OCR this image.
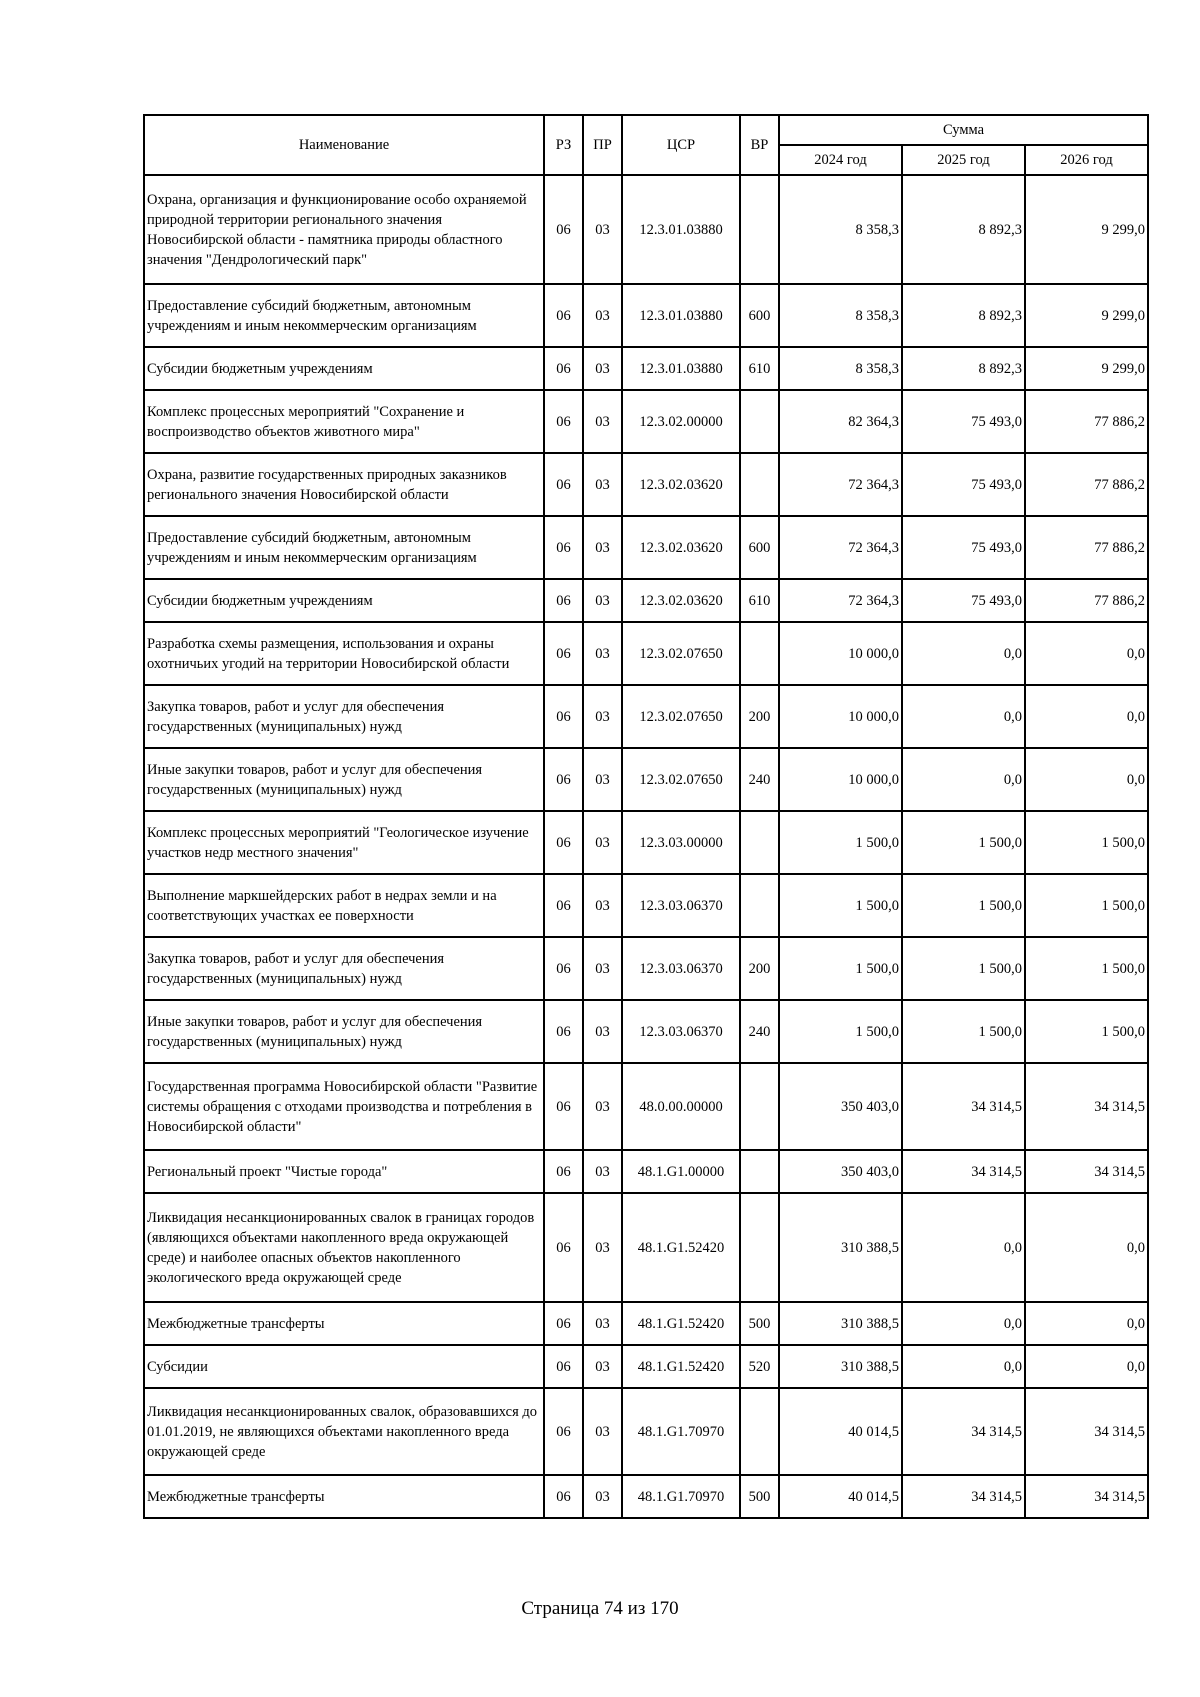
Наименование	РЗ	ПР	ЦСР	ВР	Сумма		
					2024 год	2025 год	2026 год
Охрана, организация и функционирование особо охраняемой природной территории регионального значения Новосибирской области - памятника природы областного значения "Дендрологический парк"	06	03	12.3.01.03880		8 358,3	8 892,3	9 299,0
Предоставление субсидий бюджетным, автономным учреждениям и иным некоммерческим организациям	06	03	12.3.01.03880	600	8 358,3	8 892,3	9 299,0
Субсидии бюджетным учреждениям	06	03	12.3.01.03880	610	8 358,3	8 892,3	9 299,0
Комплекс процессных мероприятий "Сохранение и воспроизводство объектов животного мира"	06	03	12.3.02.00000		82 364,3	75 493,0	77 886,2
Охрана, развитие государственных природных заказников регионального значения Новосибирской области	06	03	12.3.02.03620		72 364,3	75 493,0	77 886,2
Предоставление субсидий бюджетным, автономным учреждениям и иным некоммерческим организациям	06	03	12.3.02.03620	600	72 364,3	75 493,0	77 886,2
Субсидии бюджетным учреждениям	06	03	12.3.02.03620	610	72 364,3	75 493,0	77 886,2
Разработка схемы размещения, использования и охраны охотничьих угодий на территории Новосибирской области	06	03	12.3.02.07650		10 000,0	0,0	0,0
Закупка товаров, работ и услуг для обеспечения государственных (муниципальных) нужд	06	03	12.3.02.07650	200	10 000,0	0,0	0,0
Иные закупки товаров, работ и услуг для обеспечения государственных (муниципальных) нужд	06	03	12.3.02.07650	240	10 000,0	0,0	0,0
Комплекс процессных мероприятий "Геологическое изучение участков недр местного значения"	06	03	12.3.03.00000		1 500,0	1 500,0	1 500,0
Выполнение маркшейдерских работ в недрах земли и на соответствующих участках ее поверхности	06	03	12.3.03.06370		1 500,0	1 500,0	1 500,0
Закупка товаров, работ и услуг для обеспечения государственных (муниципальных) нужд	06	03	12.3.03.06370	200	1 500,0	1 500,0	1 500,0
Иные закупки товаров, работ и услуг для обеспечения государственных (муниципальных) нужд	06	03	12.3.03.06370	240	1 500,0	1 500,0	1 500,0
Государственная программа Новосибирской области "Развитие системы обращения с отходами производства и потребления в Новосибирской области"	06	03	48.0.00.00000		350 403,0	34 314,5	34 314,5
Региональный проект "Чистые города"	06	03	48.1.G1.00000		350 403,0	34 314,5	34 314,5
Ликвидация несанкционированных свалок в границах городов (являющихся объектами накопленного вреда окружающей среде) и наиболее опасных объектов накопленного экологического вреда окружающей среде	06	03	48.1.G1.52420		310 388,5	0,0	0,0
Межбюджетные трансферты	06	03	48.1.G1.52420	500	310 388,5	0,0	0,0
Субсидии	06	03	48.1.G1.52420	520	310 388,5	0,0	0,0
Ликвидация несанкционированных свалок, образовавшихся до 01.01.2019, не являющихся объектами накопленного вреда окружающей среде	06	03	48.1.G1.70970		40 014,5	34 314,5	34 314,5
Межбюджетные трансферты	06	03	48.1.G1.70970	500	40 014,5	34 314,5	34 314,5
Страница 74 из 170
